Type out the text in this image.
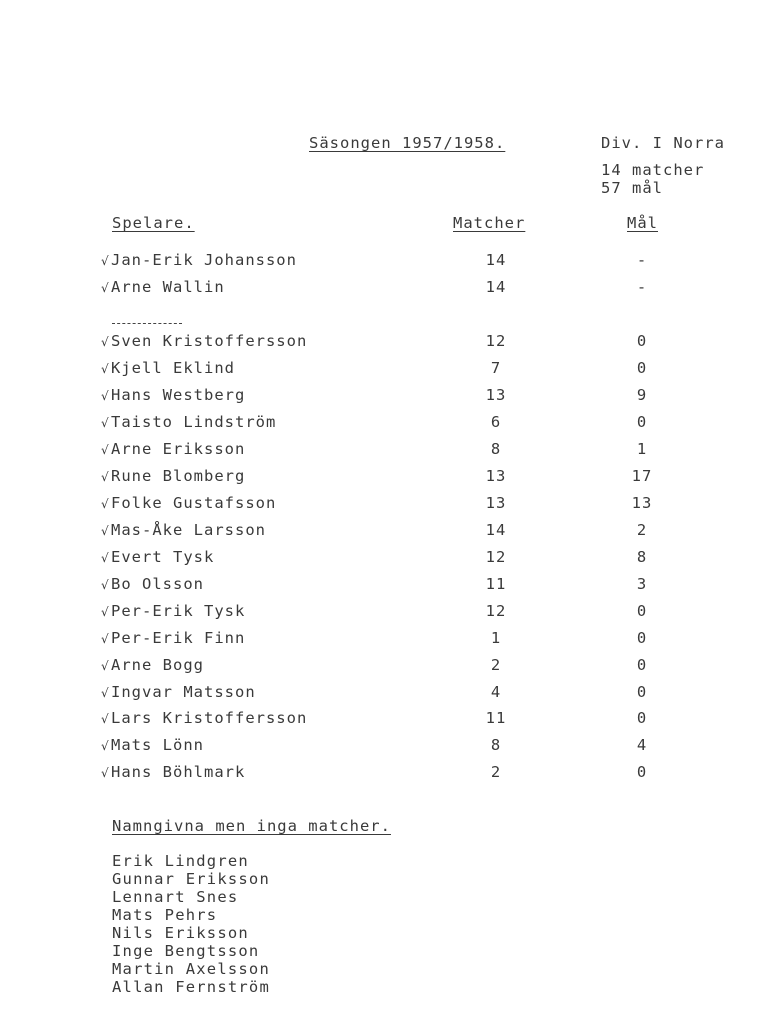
Säsongen 1957/1958.	Div. I Norra
14 matcher
57 mål
Spelare.	Matcher	Mål
√ Jan-Erik Johansson	14	-
√ Arne Wallin	14	-
√ Sven Kristoffersson	12	0
√ Kjell Eklind	7	0
√ Hans Westberg	13	9
√ Taisto Lindström	6	0
√ Arne Eriksson	8	1
√ Rune Blomberg	13	17
√ Folke Gustafsson	13	13
√ Mas-Åke Larsson	14	2
√ Evert Tysk	12	8
√ Bo Olsson	11	3
√ Per-Erik Tysk	12	0
√ Per-Erik Finn	1	0
√ Arne Bogg	2	0
√ Ingvar Matsson	4	0
√ Lars Kristoffersson	11	0
√ Mats Lönn	8	4
√ Hans Böhlmark	2	0
Namngivna men inga matcher.
Erik Lindgren
Gunnar Eriksson
Lennart Snes
Mats Pehrs
Nils Eriksson
Inge Bengtsson
Martin Axelsson
Allan Fernström
